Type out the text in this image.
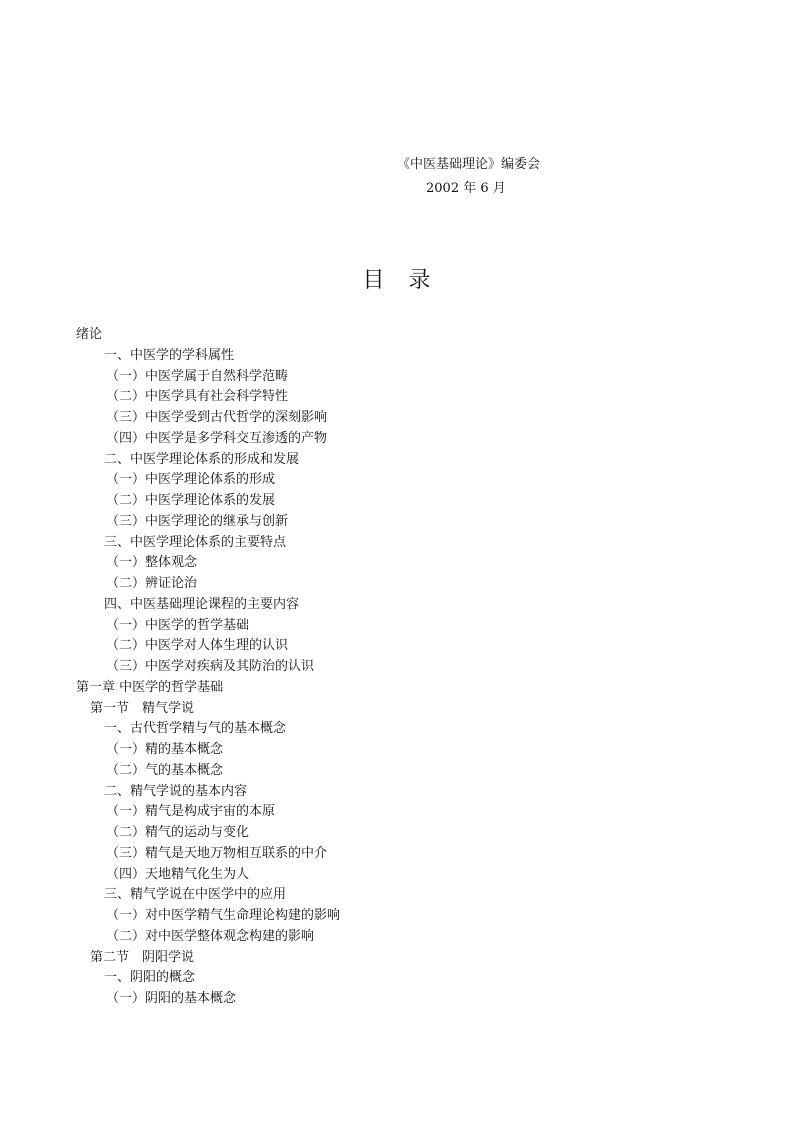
《中医基础理论》编委会
2002 年 6 月
目录
绪论
一、中医学的学科属性
（一）中医学属于自然科学范畴
（二）中医学具有社会科学特性
（三）中医学受到古代哲学的深刻影响
（四）中医学是多学科交互渗透的产物
二、中医学理论体系的形成和发展
（一）中医学理论体系的形成
（二）中医学理论体系的发展
（三）中医学理论的继承与创新
三、中医学理论体系的主要特点
（一）整体观念
（二）辨证论治
四、中医基础理论课程的主要内容
（一）中医学的哲学基础
（二）中医学对人体生理的认识
（三）中医学对疾病及其防治的认识
第一章 中医学的哲学基础
第一节　精气学说
一、古代哲学精与气的基本概念
（一）精的基本概念
（二）气的基本概念
二、精气学说的基本内容
（一）精气是构成宇宙的本原
（二）精气的运动与变化
（三）精气是天地万物相互联系的中介
（四）天地精气化生为人
三、精气学说在中医学中的应用
（一）对中医学精气生命理论构建的影响
（二）对中医学整体观念构建的影响
第二节　阴阳学说
一、阴阳的概念
（一）阴阳的基本概念
